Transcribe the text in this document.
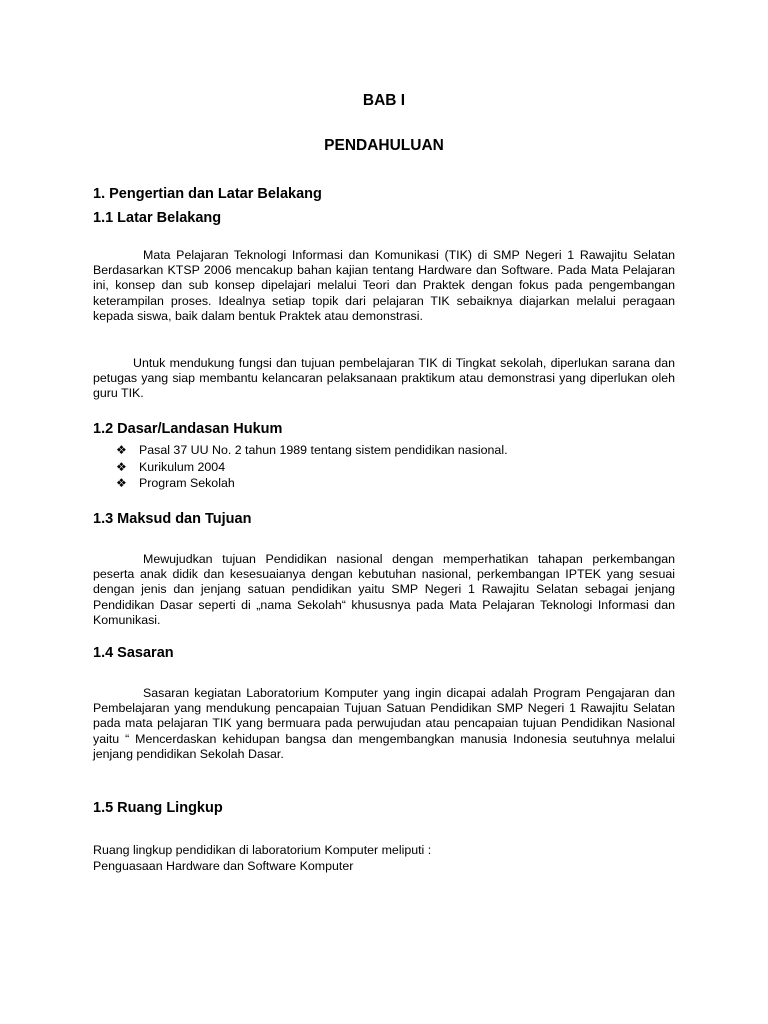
BAB I
PENDAHULUAN
1. Pengertian dan Latar Belakang
1.1 Latar Belakang

Mata Pelajaran Teknologi Informasi dan Komunikasi (TIK) di SMP Negeri 1 Rawajitu Selatan Berdasarkan KTSP 2006 mencakup bahan kajian tentang Hardware dan Software. Pada Mata Pelajaran ini, konsep dan sub konsep dipelajari melalui Teori dan Praktek dengan fokus pada pengembangan keterampilan proses. Idealnya setiap topik dari pelajaran TIK sebaiknya diajarkan melalui peragaan kepada siswa, baik dalam bentuk Praktek atau demonstrasi.

Untuk mendukung fungsi dan tujuan pembelajaran TIK di Tingkat sekolah, diperlukan sarana dan petugas yang siap membantu kelancaran pelaksanaan praktikum atau demonstrasi yang diperlukan oleh guru TIK.

1.2 Dasar/Landasan Hukum
❖ Pasal 37 UU No. 2 tahun 1989 tentang sistem pendidikan nasional.
❖ Kurikulum 2004
❖ Program Sekolah
1.3 Maksud dan Tujuan

Mewujudkan tujuan Pendidikan nasional dengan memperhatikan tahapan perkembangan peserta anak didik dan kesesuaianya dengan kebutuhan nasional, perkembangan IPTEK yang sesuai dengan jenis dan jenjang satuan pendidikan yaitu SMP Negeri 1 Rawajitu Selatan sebagai jenjang Pendidikan Dasar seperti di „nama Sekolah“ khususnya pada Mata Pelajaran Teknologi Informasi dan Komunikasi.

1.4 Sasaran

Sasaran kegiatan Laboratorium Komputer yang ingin dicapai adalah Program Pengajaran dan Pembelajaran yang mendukung pencapaian Tujuan Satuan Pendidikan SMP Negeri 1 Rawajitu Selatan pada mata pelajaran TIK yang bermuara pada perwujudan atau pencapaian tujuan Pendidikan Nasional yaitu “ Mencerdaskan kehidupan bangsa dan mengembangkan manusia Indonesia seutuhnya melalui jenjang pendidikan Sekolah Dasar.

1.5 Ruang Lingkup

Ruang lingkup pendidikan di laboratorium Komputer meliputi :

Penguasaan Hardware dan Software Komputer
